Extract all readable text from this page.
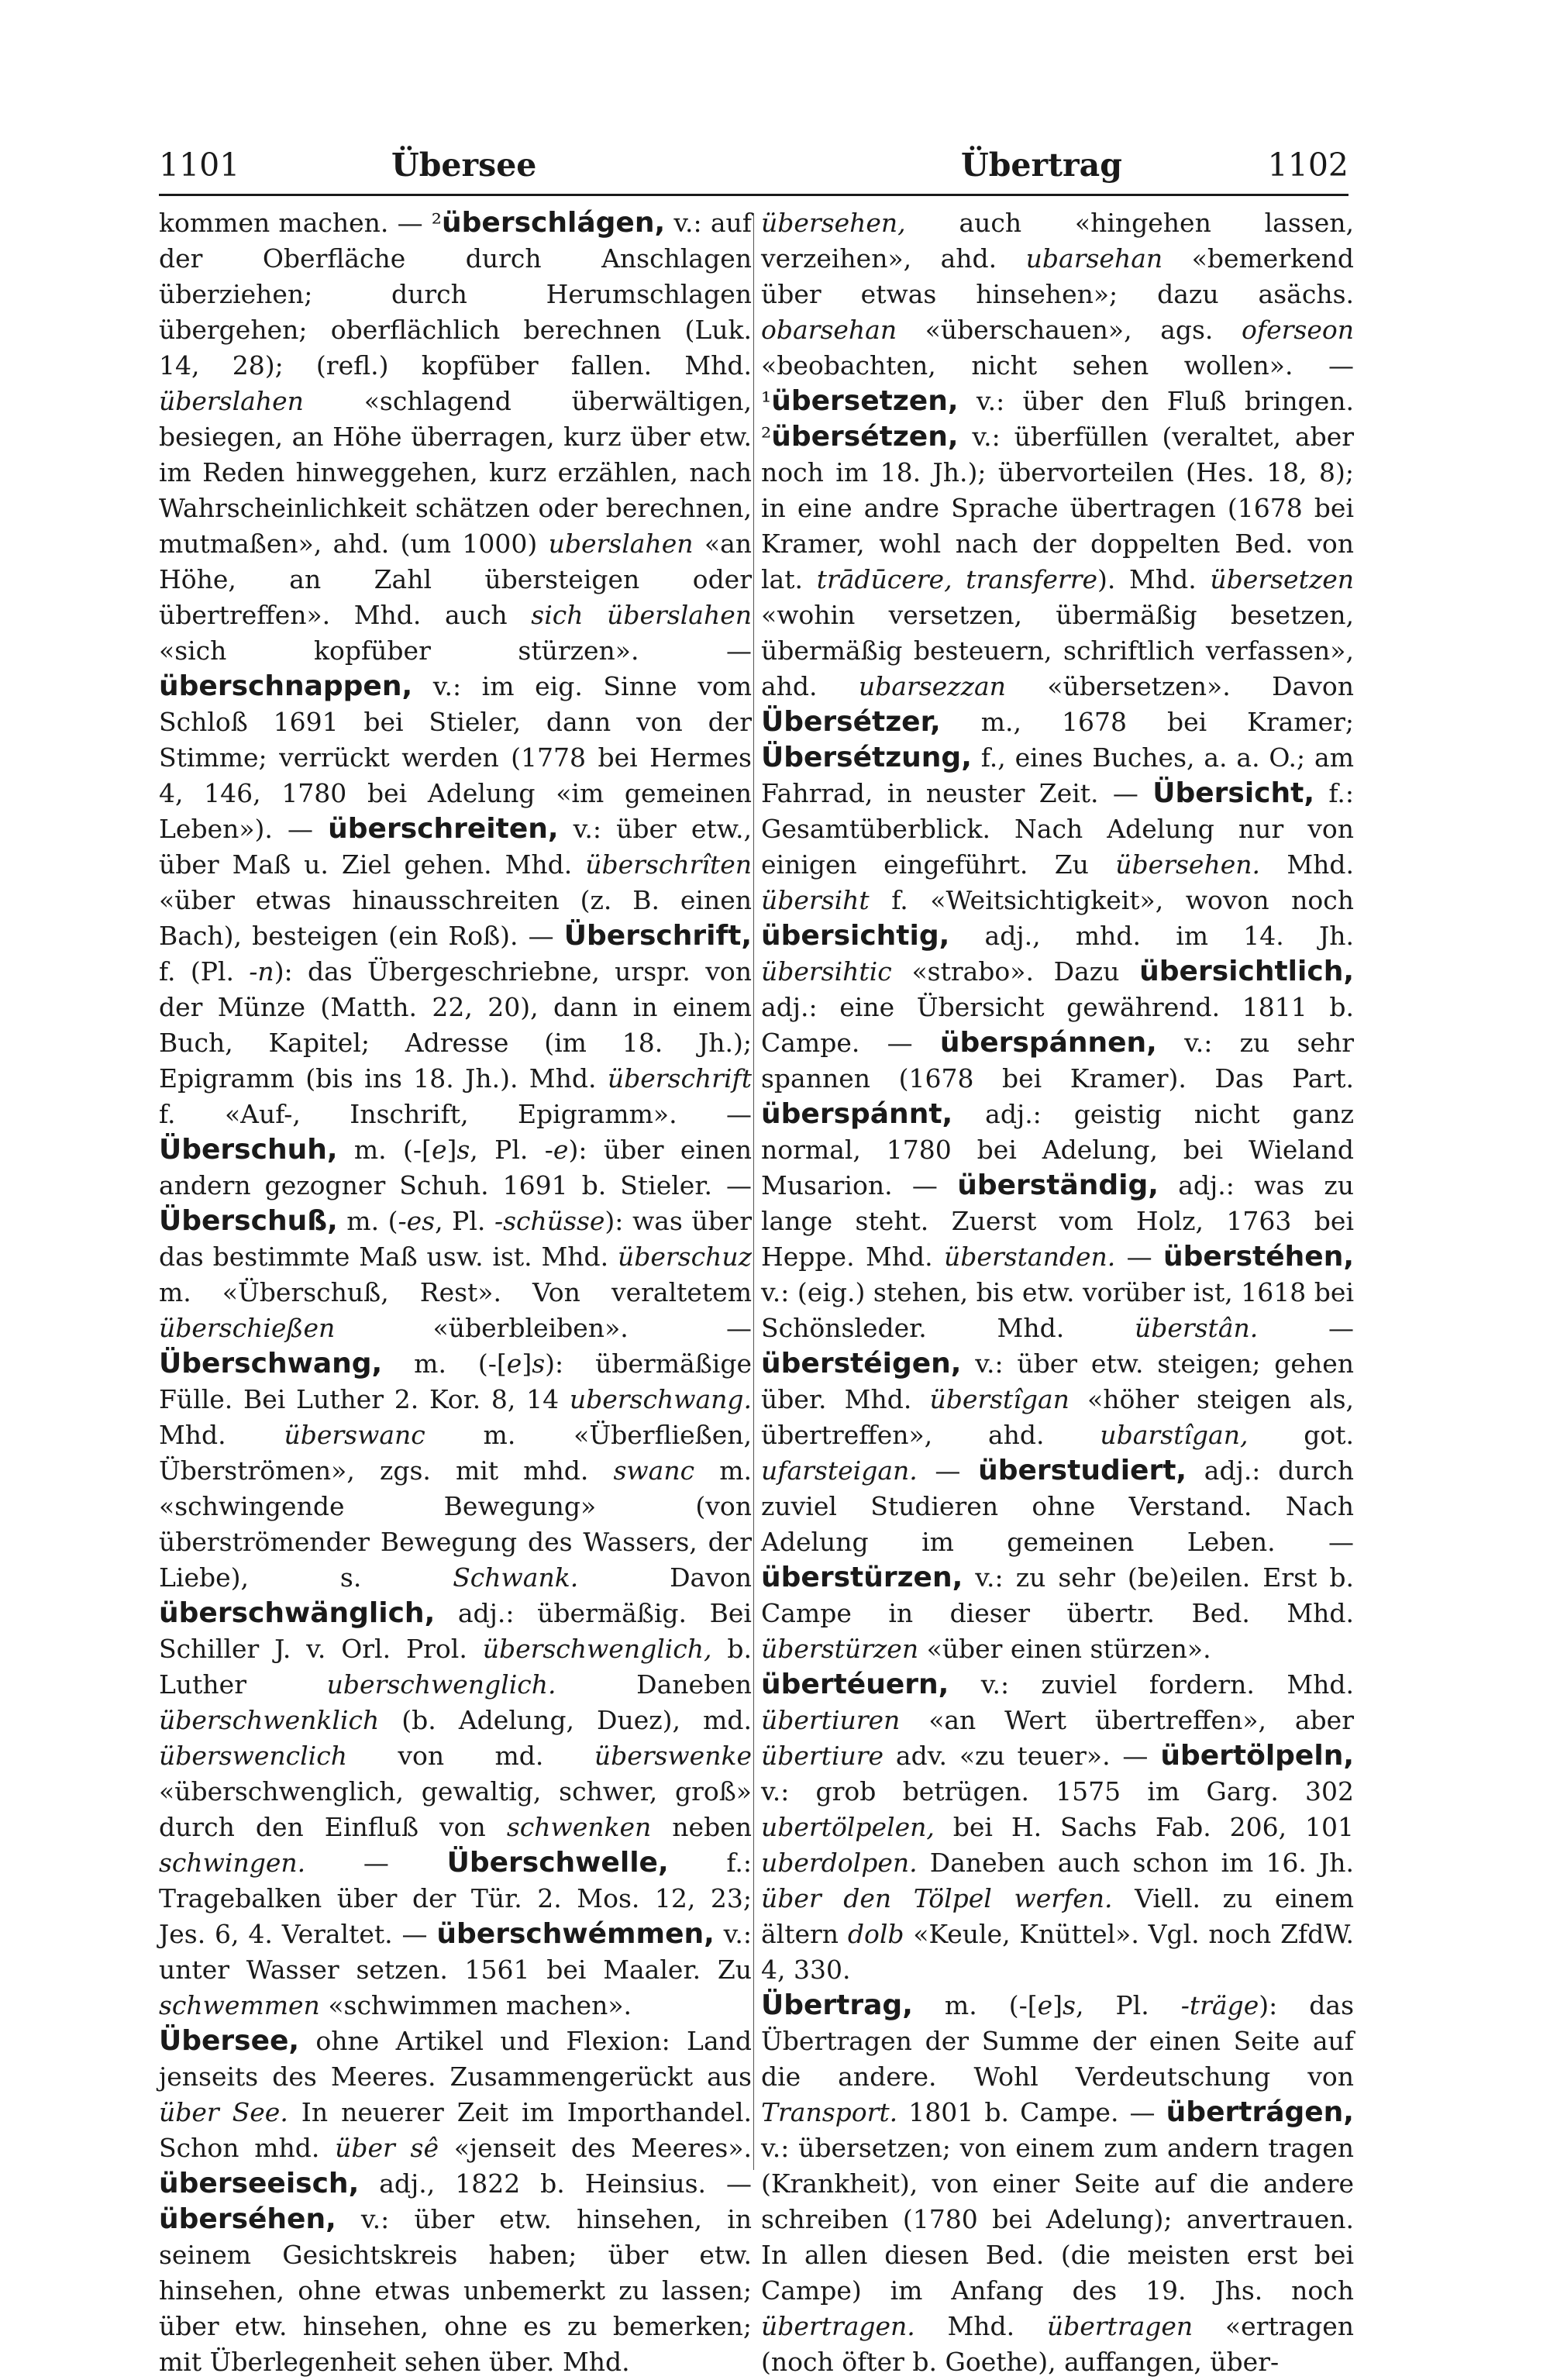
1101	Übersee	Übertrag	1102

kommen machen. — ²überschlágen, v.: auf der Oberfläche durch Anschlagen überziehen; durch Herumschlagen übergehen; oberflächlich berechnen (Luk. 14, 28); (refl.) kopfüber fallen. Mhd. überslahen «schlagend überwältigen, besiegen, an Höhe überragen, kurz über etw. im Reden hinweggehen, kurz erzählen, nach Wahrscheinlichkeit schätzen oder berechnen, mutmaßen», ahd. (um 1000) uberslahen «an Höhe, an Zahl übersteigen oder übertreffen». Mhd. auch sich überslahen «sich kopfüber stürzen». — überschnappen, v.: im eig. Sinne vom Schloß 1691 bei Stieler, dann von der Stimme; verrückt werden (1778 bei Hermes 4, 146, 1780 bei Adelung «im gemeinen Leben»). — überschreiten, v.: über etw., über Maß u. Ziel gehen. Mhd. überschrîten «über etwas hinausschreiten (z. B. einen Bach), besteigen (ein Roß). — Überschrift, f. (Pl. -n): das Übergeschriebne, urspr. von der Münze (Matth. 22, 20), dann in einem Buch, Kapitel; Adresse (im 18. Jh.); Epigramm (bis ins 18. Jh.). Mhd. überschrift f. «Auf-, Inschrift, Epigramm». — Überschuh, m. (-[e]s, Pl. -e): über einen andern gezogner Schuh. 1691 b. Stieler. — Überschuß, m. (-es, Pl. -schüsse): was über das bestimmte Maß usw. ist. Mhd. überschuz m. «Überschuß, Rest». Von veraltetem überschießen «überbleiben». — Überschwang, m. (-[e]s): übermäßige Fülle. Bei Luther 2. Kor. 8, 14 uberschwang. Mhd. überswanc m. «Überfließen, Überströmen», zgs. mit mhd. swanc m. «schwingende Bewegung» (von überströmender Bewegung des Wassers, der Liebe), s. Schwank. Davon überschwänglich, adj.: übermäßig. Bei Schiller J. v. Orl. Prol. überschwenglich, b. Luther uberschwenglich. Daneben überschwenklich (b. Adelung, Duez), md. überswenclich von md. überswenke «überschwenglich, gewaltig, schwer, groß» durch den Einfluß von schwenken neben schwingen. — Überschwelle, f.: Tragebalken über der Tür. 2. Mos. 12, 23; Jes. 6, 4. Veraltet. — überschwémmen, v.: unter Wasser setzen. 1561 bei Maaler. Zu schwemmen «schwimmen machen».

Übersee, ohne Artikel und Flexion: Land jenseits des Meeres. Zusammengerückt aus über See. In neuerer Zeit im Importhandel. Schon mhd. über sê «jenseit des Meeres». überseeisch, adj., 1822 b. Heinsius. — überséhen, v.: über etw. hinsehen, in seinem Gesichtskreis haben; über etw. hinsehen, ohne etwas unbemerkt zu lassen; über etw. hinsehen, ohne es zu bemerken; mit Überlegenheit sehen über. Mhd.

übersehen, auch «hingehen lassen, verzeihen», ahd. ubarsehan «bemerkend über etwas hinsehen»; dazu asächs. obarsehan «überschauen», ags. oferseon «beobachten, nicht sehen wollen». — ¹übersetzen, v.: über den Fluß bringen. ²übersétzen, v.: überfüllen (veraltet, aber noch im 18. Jh.); übervorteilen (Hes. 18, 8); in eine andre Sprache übertragen (1678 bei Kramer, wohl nach der doppelten Bed. von lat. trādūcere, transferre). Mhd. übersetzen «wohin versetzen, übermäßig besetzen, übermäßig besteuern, schriftlich verfassen», ahd. ubarsezzan «übersetzen». Davon Übersétzer, m., 1678 bei Kramer; Übersétzung, f., eines Buches, a. a. O.; am Fahrrad, in neuster Zeit. — Übersicht, f.: Gesamtüberblick. Nach Adelung nur von einigen eingeführt. Zu übersehen. Mhd. übersiht f. «Weitsichtigkeit», wovon noch übersichtig, adj., mhd. im 14. Jh. übersihtic «strabo». Dazu übersichtlich, adj.: eine Übersicht gewährend. 1811 b. Campe. — überspánnen, v.: zu sehr spannen (1678 bei Kramer). Das Part. überspánnt, adj.: geistig nicht ganz normal, 1780 bei Adelung, bei Wieland Musarion. — überständig, adj.: was zu lange steht. Zuerst vom Holz, 1763 bei Heppe. Mhd. überstanden. — überstéhen, v.: (eig.) stehen, bis etw. vorüber ist, 1618 bei Schönsleder. Mhd. überstân. — überstéigen, v.: über etw. steigen; gehen über. Mhd. überstîgan «höher steigen als, übertreffen», ahd. ubarstîgan, got. ufarsteigan. — überstudiert, adj.: durch zuviel Studieren ohne Verstand. Nach Adelung im gemeinen Leben. — überstürzen, v.: zu sehr (be)eilen. Erst b. Campe in dieser übertr. Bed. Mhd. überstürzen «über einen stürzen».

übertéuern, v.: zuviel fordern. Mhd. übertiuren «an Wert übertreffen», aber übertiure adv. «zu teuer». — übertölpeln, v.: grob betrügen. 1575 im Garg. 302 ubertölpelen, bei H. Sachs Fab. 206, 101 uberdolpen. Daneben auch schon im 16. Jh. über den Tölpel werfen. Viell. zu einem ältern dolb «Keule, Knüttel». Vgl. noch ZfdW. 4, 330.

Übertrag, m. (-[e]s, Pl. -träge): das Übertragen der Summe der einen Seite auf die andere. Wohl Verdeutschung von Transport. 1801 b. Campe. — übertrágen, v.: übersetzen; von einem zum andern tragen (Krankheit), von einer Seite auf die andere schreiben (1780 bei Adelung); anvertrauen. In allen diesen Bed. (die meisten erst bei Campe) im Anfang des 19. Jhs. noch übertragen. Mhd. übertragen «ertragen (noch öfter b. Goethe), auffangen, über-
